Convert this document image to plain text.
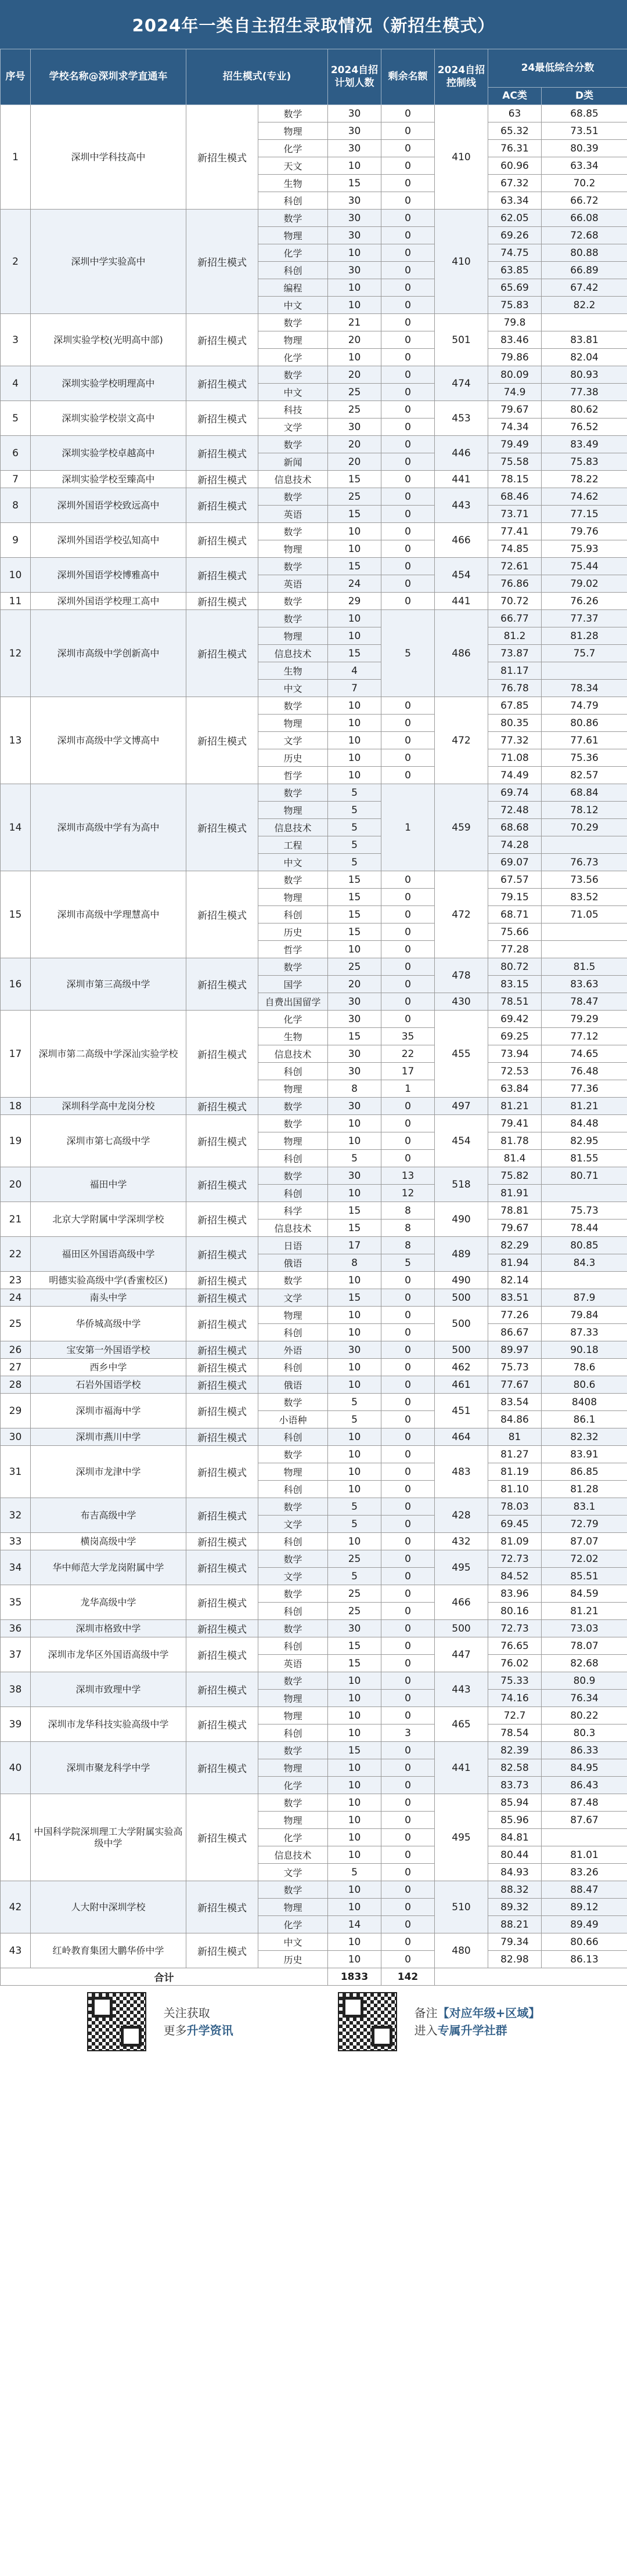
2024年一类自主招生录取情况（新招生模式）
序号	学校名称@深圳求学直通车	招生模式(专业)		2024自招计划人数	剩余名额	2024自招控制线	24最低综合分数	
							AC类	D类
1	深圳中学科技高中	新招生模式	数学	30	0	410	63	68.85
			物理	30	0		65.32	73.51
			化学	30	0		76.31	80.39
			天文	10	0		60.96	63.34
			生物	15	0		67.32	70.2
			科创	30	0		63.34	66.72
2	深圳中学实验高中	新招生模式	数学	30	0	410	62.05	66.08
			物理	30	0		69.26	72.68
			化学	10	0		74.75	80.88
			科创	30	0		63.85	66.89
			编程	10	0		65.69	67.42
			中文	10	0		75.83	82.2
3	深圳实验学校(光明高中部)	新招生模式	数学	21	0	501	79.8	
			物理	20	0		83.46	83.81
			化学	10	0		79.86	82.04
4	深圳实验学校明理高中	新招生模式	数学	20	0	474	80.09	80.93
			中文	25	0		74.9	77.38
5	深圳实验学校崇文高中	新招生模式	科技	25	0	453	79.67	80.62
			文学	30	0		74.34	76.52
6	深圳实验学校卓越高中	新招生模式	数学	20	0	446	79.49	83.49
			新闻	20	0		75.58	75.83
7	深圳实验学校至臻高中	新招生模式	信息技术	15	0	441	78.15	78.22
8	深圳外国语学校致远高中	新招生模式	数学	25	0	443	68.46	74.62
			英语	15	0		73.71	77.15
9	深圳外国语学校弘知高中	新招生模式	数学	10	0	466	77.41	79.76
			物理	10	0		74.85	75.93
10	深圳外国语学校博雅高中	新招生模式	数学	15	0	454	72.61	75.44
			英语	24	0		76.86	79.02
11	深圳外国语学校理工高中	新招生模式	数学	29	0	441	70.72	76.26
12	深圳市高级中学创新高中	新招生模式	数学	10	5	486	66.77	77.37
			物理	10			81.2	81.28
			信息技术	15			73.87	75.7
			生物	4			81.17	
			中文	7			76.78	78.34
13	深圳市高级中学文博高中	新招生模式	数学	10	0	472	67.85	74.79
			物理	10	0		80.35	80.86
			文学	10	0		77.32	77.61
			历史	10	0		71.08	75.36
			哲学	10	0		74.49	82.57
14	深圳市高级中学有为高中	新招生模式	数学	5	1	459	69.74	68.84
			物理	5			72.48	78.12
			信息技术	5			68.68	70.29
			工程	5			74.28	
			中文	5			69.07	76.73
15	深圳市高级中学理慧高中	新招生模式	数学	15	0	472	67.57	73.56
			物理	15	0		79.15	83.52
			科创	15	0		68.71	71.05
			历史	15	0		75.66	
			哲学	10	0		77.28	
16	深圳市第三高级中学	新招生模式	数学	25	0	478	80.72	81.5
			国学	20	0		83.15	83.63
			自费出国留学	30	0	430	78.51	78.47
17	深圳市第二高级中学深汕实验学校	新招生模式	化学	30	0	455	69.42	79.29
			生物	15	35		69.25	77.12
			信息技术	30	22		73.94	74.65
			科创	30	17		72.53	76.48
			物理	8	1		63.84	77.36
18	深圳科学高中龙岗分校	新招生模式	数学	30	0	497	81.21	81.21
19	深圳市第七高级中学	新招生模式	数学	10	0	454	79.41	84.48
			物理	10	0		81.78	82.95
			科创	5	0		81.4	81.55
20	福田中学	新招生模式	数学	30	13	518	75.82	80.71
			科创	10	12		81.91	
21	北京大学附属中学深圳学校	新招生模式	科学	15	8	490	78.81	75.73
			信息技术	15	8		79.67	78.44
22	福田区外国语高级中学	新招生模式	日语	17	8	489	82.29	80.85
			俄语	8	5		81.94	84.3
23	明德实验高级中学(香蜜校区)	新招生模式	数学	10	0	490	82.14	
24	南头中学	新招生模式	文学	15	0	500	83.51	87.9
25	华侨城高级中学	新招生模式	物理	10	0	500	77.26	79.84
			科创	10	0		86.67	87.33
26	宝安第一外国语学校	新招生模式	外语	30	0	500	89.97	90.18
27	西乡中学	新招生模式	科创	10	0	462	75.73	78.6
28	石岩外国语学校	新招生模式	俄语	10	0	461	77.67	80.6
29	深圳市福海中学	新招生模式	数学	5	0	451	83.54	8408
			小语种	5	0		84.86	86.1
30	深圳市燕川中学	新招生模式	科创	10	0	464	81	82.32
31	深圳市龙津中学	新招生模式	数学	10	0	483	81.27	83.91
			物理	10	0		81.19	86.85
			科创	10	0		81.10	81.28
32	布吉高级中学	新招生模式	数学	5	0	428	78.03	83.1
			文学	5	0		69.45	72.79
33	横岗高级中学	新招生模式	科创	10	0	432	81.09	87.07
34	华中师范大学龙岗附属中学	新招生模式	数学	25	0	495	72.73	72.02
			文学	5	0		84.52	85.51
35	龙华高级中学	新招生模式	数学	25	0	466	83.96	84.59
			科创	25	0		80.16	81.21
36	深圳市格致中学	新招生模式	数学	30	0	500	72.73	73.03
37	深圳市龙华区外国语高级中学	新招生模式	科创	15	0	447	76.65	78.07
			英语	15	0		76.02	82.68
38	深圳市致理中学	新招生模式	数学	10	0	443	75.33	80.9
			物理	10	0		74.16	76.34
39	深圳市龙华科技实验高级中学	新招生模式	物理	10	0	465	72.7	80.22
			科创	10	3		78.54	80.3
40	深圳市聚龙科学中学	新招生模式	数学	15	0	441	82.39	86.33
			物理	10	0		82.58	84.95
			化学	10	0		83.73	86.43
41	中国科学院深圳理工大学附属实验高级中学	新招生模式	数学	10	0	495	85.94	87.48
			物理	10	0		85.96	87.67
			化学	10	0		84.81	
			信息技术	10	0		80.44	81.01
			文学	5	0		84.93	83.26
42	人大附中深圳学校	新招生模式	数学	10	0	510	88.32	88.47
			物理	10	0		89.32	89.12
			化学	14	0		88.21	89.49
43	红岭教育集团大鹏华侨中学	新招生模式	中文	10	0	480	79.34	80.66
			历史	10	0		82.98	86.13
合计				1833	142			
关注获取
更多升学资讯
备注【对应年级+区域】
进入专属升学社群
